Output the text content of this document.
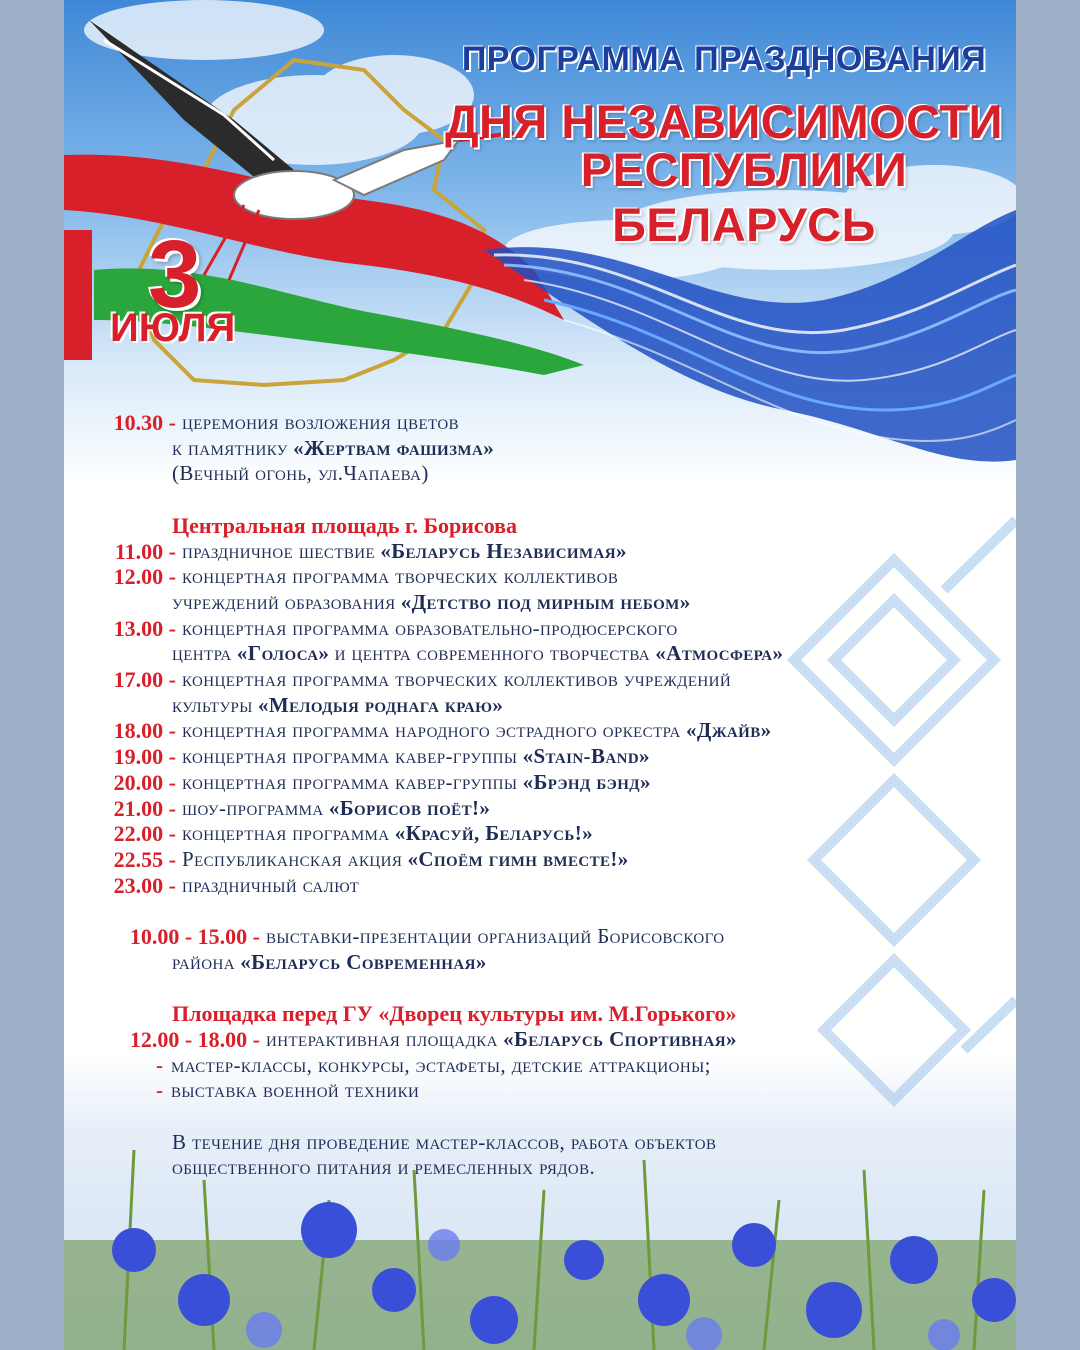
ПРОГРАММА ПРАЗДНОВАНИЯ
ДНЯ НЕЗАВИСИМОСТИ
РЕСПУБЛИКИ БЕЛАРУСЬ
3
ИЮЛЯ
10.30 - церемония возложения цветов
к памятнику
«Жертвам фашизма»
(Вечный огонь, ул.Чапаева)
Центральная площадь г. Борисова
11.00 - праздничное шествие
«Беларусь Независимая»
12.00 - концертная программа творческих коллективов
учреждений образования
«Детство под мирным небом»
13.00 - концертная программа образовательно-продюсерского
центра
«Голоса»
и центра современного творчества
«Атмосфера»
17.00 - концертная программа творческих коллективов учреждений
культуры
«Мелодыя роднага краю»
18.00 - концертная программа народного эстрадного оркестра
«Джайв»
19.00 - концертная программа кавер-группы
«Stain-Band»
20.00 - концертная программа кавер-группы
«Брэнд бэнд»
21.00 - шоу-программа
«Борисов поёт!»
22.00 - концертная программа
«Красуй, Беларусь!»
22.55 - Республиканская акция
«Споём гимн вместе!»
23.00 - праздничный салют
10.00 - 15.00 - выставки-презентации организаций Борисовского
района
«Беларусь Современная»
Площадка перед ГУ «Дворец культуры им. М.Горького»
12.00 - 18.00 - интерактивная площадка
«Беларусь Спортивная»
- мастер-классы, конкурсы, эстафеты, детские аттракционы;
- выставка военной техники
В течение дня проведение мастер-классов, работа объектов
общественного питания и ремесленных рядов.
